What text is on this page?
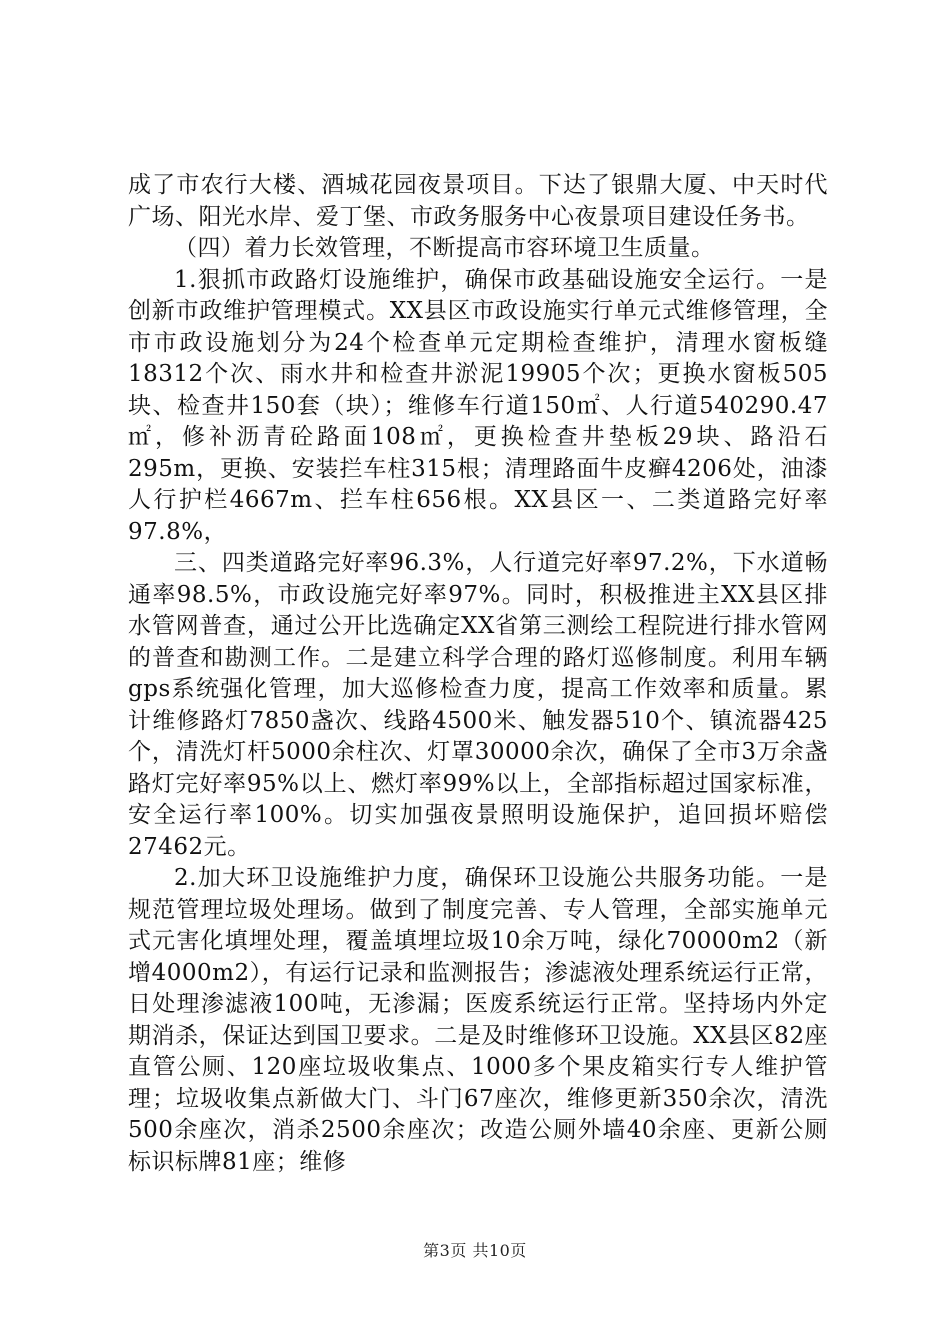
成了市农行大楼、酒城花园夜景项目。下达了银鼎大厦、中天时代广场、阳光水岸、爱丁堡、市政务服务中心夜景项目建设任务书。

（四）着力长效管理，不断提高市容环境卫生质量。

1.狠抓市政路灯设施维护，确保市政基础设施安全运行。一是创新市政维护管理模式。XX县区市政设施实行单元式维修管理，全市市政设施划分为24个检查单元定期检查维护，清理水窗板缝18312个次、雨水井和检查井淤泥19905个次；更换水窗板505块、检查井150套（块）；维修车行道150㎡、人行道540290.47㎡，修补沥青砼路面108㎡，更换检查井垫板29块、路沿石295m，更换、安装拦车柱315根；清理路面牛皮癣4206处，油漆人行护栏4667m、拦车柱656根。XX县区一、二类道路完好率97.8%，

三、四类道路完好率96.3%，人行道完好率97.2%，下水道畅通率98.5%，市政设施完好率97%。同时，积极推进主XX县区排水管网普查，通过公开比选确定XX省第三测绘工程院进行排水管网的普查和勘测工作。二是建立科学合理的路灯巡修制度。利用车辆gps系统强化管理，加大巡修检查力度，提高工作效率和质量。累计维修路灯7850盏次、线路4500米、触发器510个、镇流器425个，清洗灯杆5000余柱次、灯罩30000余次，确保了全市3万余盏路灯完好率95%以上、燃灯率99%以上，全部指标超过国家标准，安全运行率100%。切实加强夜景照明设施保护，追回损坏赔偿27462元。

2.加大环卫设施维护力度，确保环卫设施公共服务功能。一是规范管理垃圾处理场。做到了制度完善、专人管理，全部实施单元式元害化填埋处理，覆盖填埋垃圾10余万吨，绿化70000m2（新增4000m2），有运行记录和监测报告；渗滤液处理系统运行正常，日处理渗滤液100吨，无渗漏；医废系统运行正常。坚持场内外定期消杀，保证达到国卫要求。二是及时维修环卫设施。XX县区82座直管公厕、120座垃圾收集点、1000多个果皮箱实行专人维护管理；垃圾收集点新做大门、斗门67座次，维修更新350余次，清洗500余座次，消杀2500余座次；改造公厕外墙40余座、更新公厕标识标牌81座；维修

第3页 共10页
